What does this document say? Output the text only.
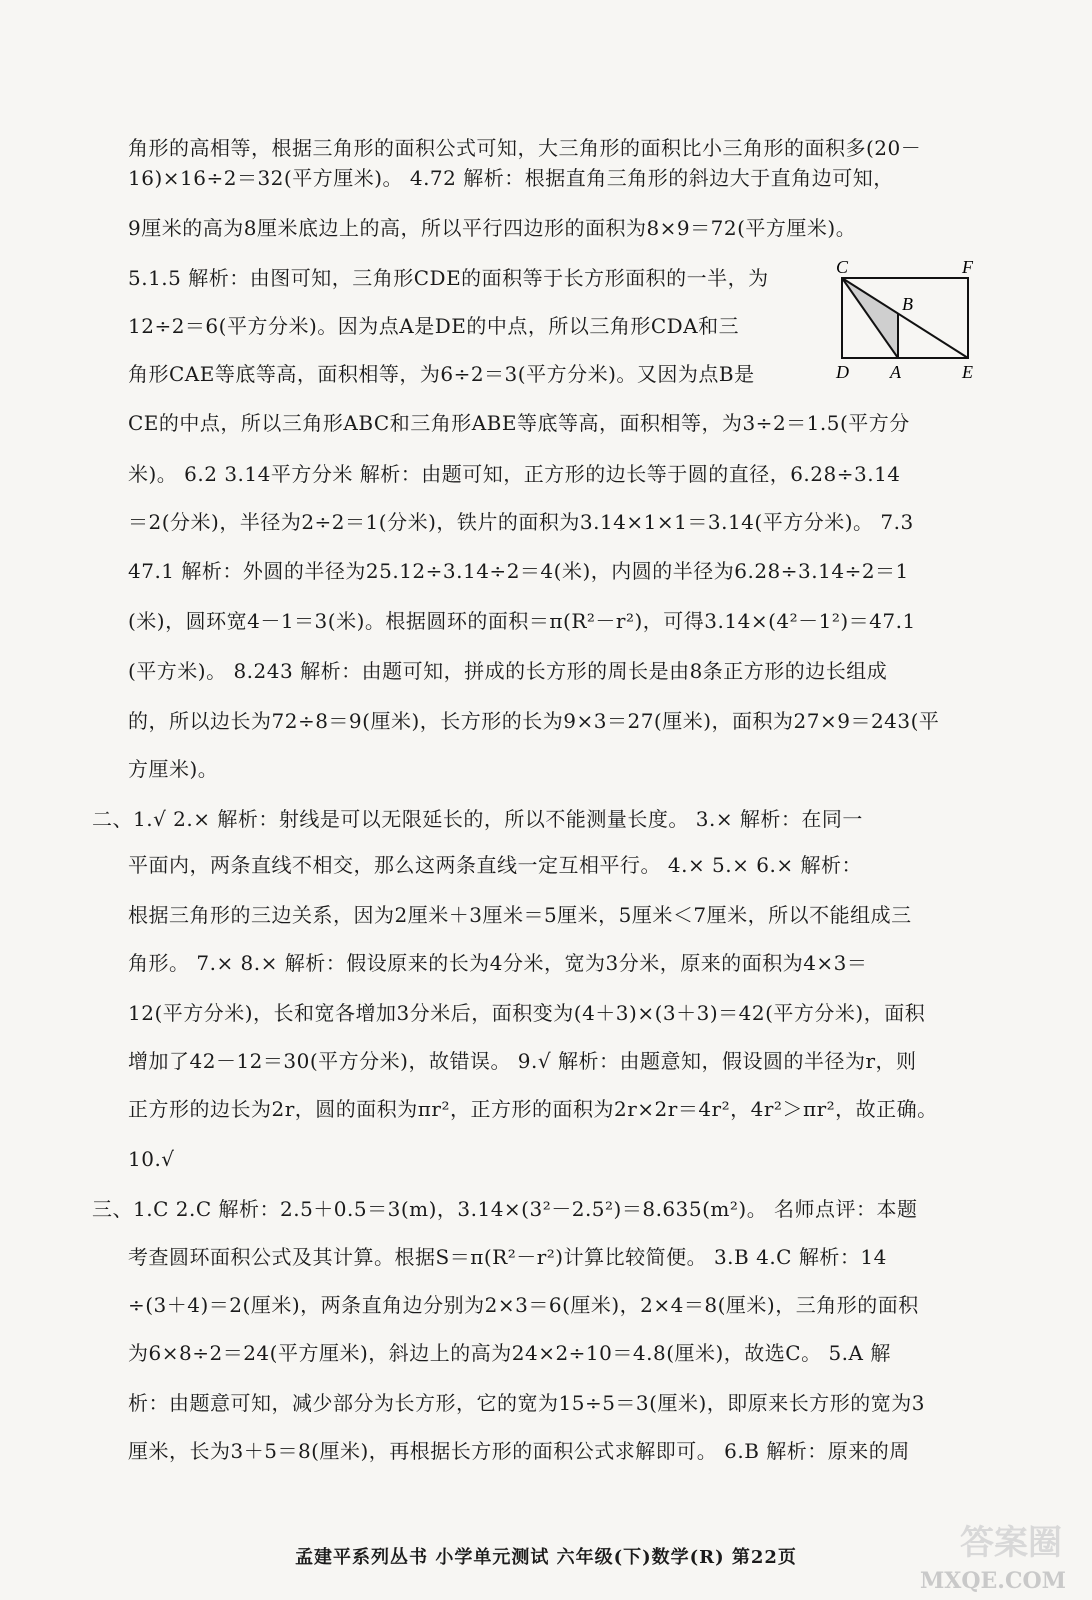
角形的高相等，根据三角形的面积公式可知，大三角形的面积比小三角形的面积多(20－
16)×16÷2＝32(平方厘米)。 4.72 解析：根据直角三角形的斜边大于直角边可知，
9厘米的高为8厘米底边上的高，所以平行四边形的面积为8×9＝72(平方厘米)。
5.1.5 解析：由图可知，三角形CDE的面积等于长方形面积的一半，为
12÷2＝6(平方分米)。因为点A是DE的中点，所以三角形CDA和三
角形CAE等底等高，面积相等，为6÷2＝3(平方分米)。又因为点B是
CE的中点，所以三角形ABC和三角形ABE等底等高，面积相等，为3÷2＝1.5(平方分
米)。 6.2 3.14平方分米 解析：由题可知，正方形的边长等于圆的直径，6.28÷3.14
＝2(分米)，半径为2÷2＝1(分米)，铁片的面积为3.14×1×1＝3.14(平方分米)。 7.3
47.1 解析：外圆的半径为25.12÷3.14÷2＝4(米)，内圆的半径为6.28÷3.14÷2＝1
(米)，圆环宽4－1＝3(米)。根据圆环的面积＝π(R²－r²)，可得3.14×(4²－1²)＝47.1
(平方米)。 8.243 解析：由题可知，拼成的长方形的周长是由8条正方形的边长组成
的，所以边长为72÷8＝9(厘米)，长方形的长为9×3＝27(厘米)，面积为27×9＝243(平
方厘米)。
二、1.√ 2.× 解析：射线是可以无限延长的，所以不能测量长度。 3.× 解析：在同一
平面内，两条直线不相交，那么这两条直线一定互相平行。 4.× 5.× 6.× 解析：
根据三角形的三边关系，因为2厘米＋3厘米＝5厘米，5厘米＜7厘米，所以不能组成三
角形。 7.× 8.× 解析：假设原来的长为4分米，宽为3分米，原来的面积为4×3＝
12(平方分米)，长和宽各增加3分米后，面积变为(4＋3)×(3＋3)＝42(平方分米)，面积
增加了42－12＝30(平方分米)，故错误。 9.√ 解析：由题意知，假设圆的半径为r，则
正方形的边长为2r，圆的面积为πr²，正方形的面积为2r×2r＝4r²，4r²＞πr²，故正确。
10.√
三、1.C 2.C 解析：2.5＋0.5＝3(m)，3.14×(3²－2.5²)＝8.635(m²)。 名师点评：本题
考查圆环面积公式及其计算。根据S＝π(R²－r²)计算比较简便。 3.B 4.C 解析：14
÷(3＋4)＝2(厘米)，两条直角边分别为2×3＝6(厘米)，2×4＝8(厘米)，三角形的面积
为6×8÷2＝24(平方厘米)，斜边上的高为24×2÷10＝4.8(厘米)，故选C。 5.A 解
析：由题意可知，减少部分为长方形，它的宽为15÷5＝3(厘米)，即原来长方形的宽为3
厘米，长为3＋5＝8(厘米)，再根据长方形的面积公式求解即可。 6.B 解析：原来的周
C	F
B
D A	E
孟建平系列丛书 小学单元测试 六年级(下)数学(R) 第22页	答案圈
MXQE.COM
